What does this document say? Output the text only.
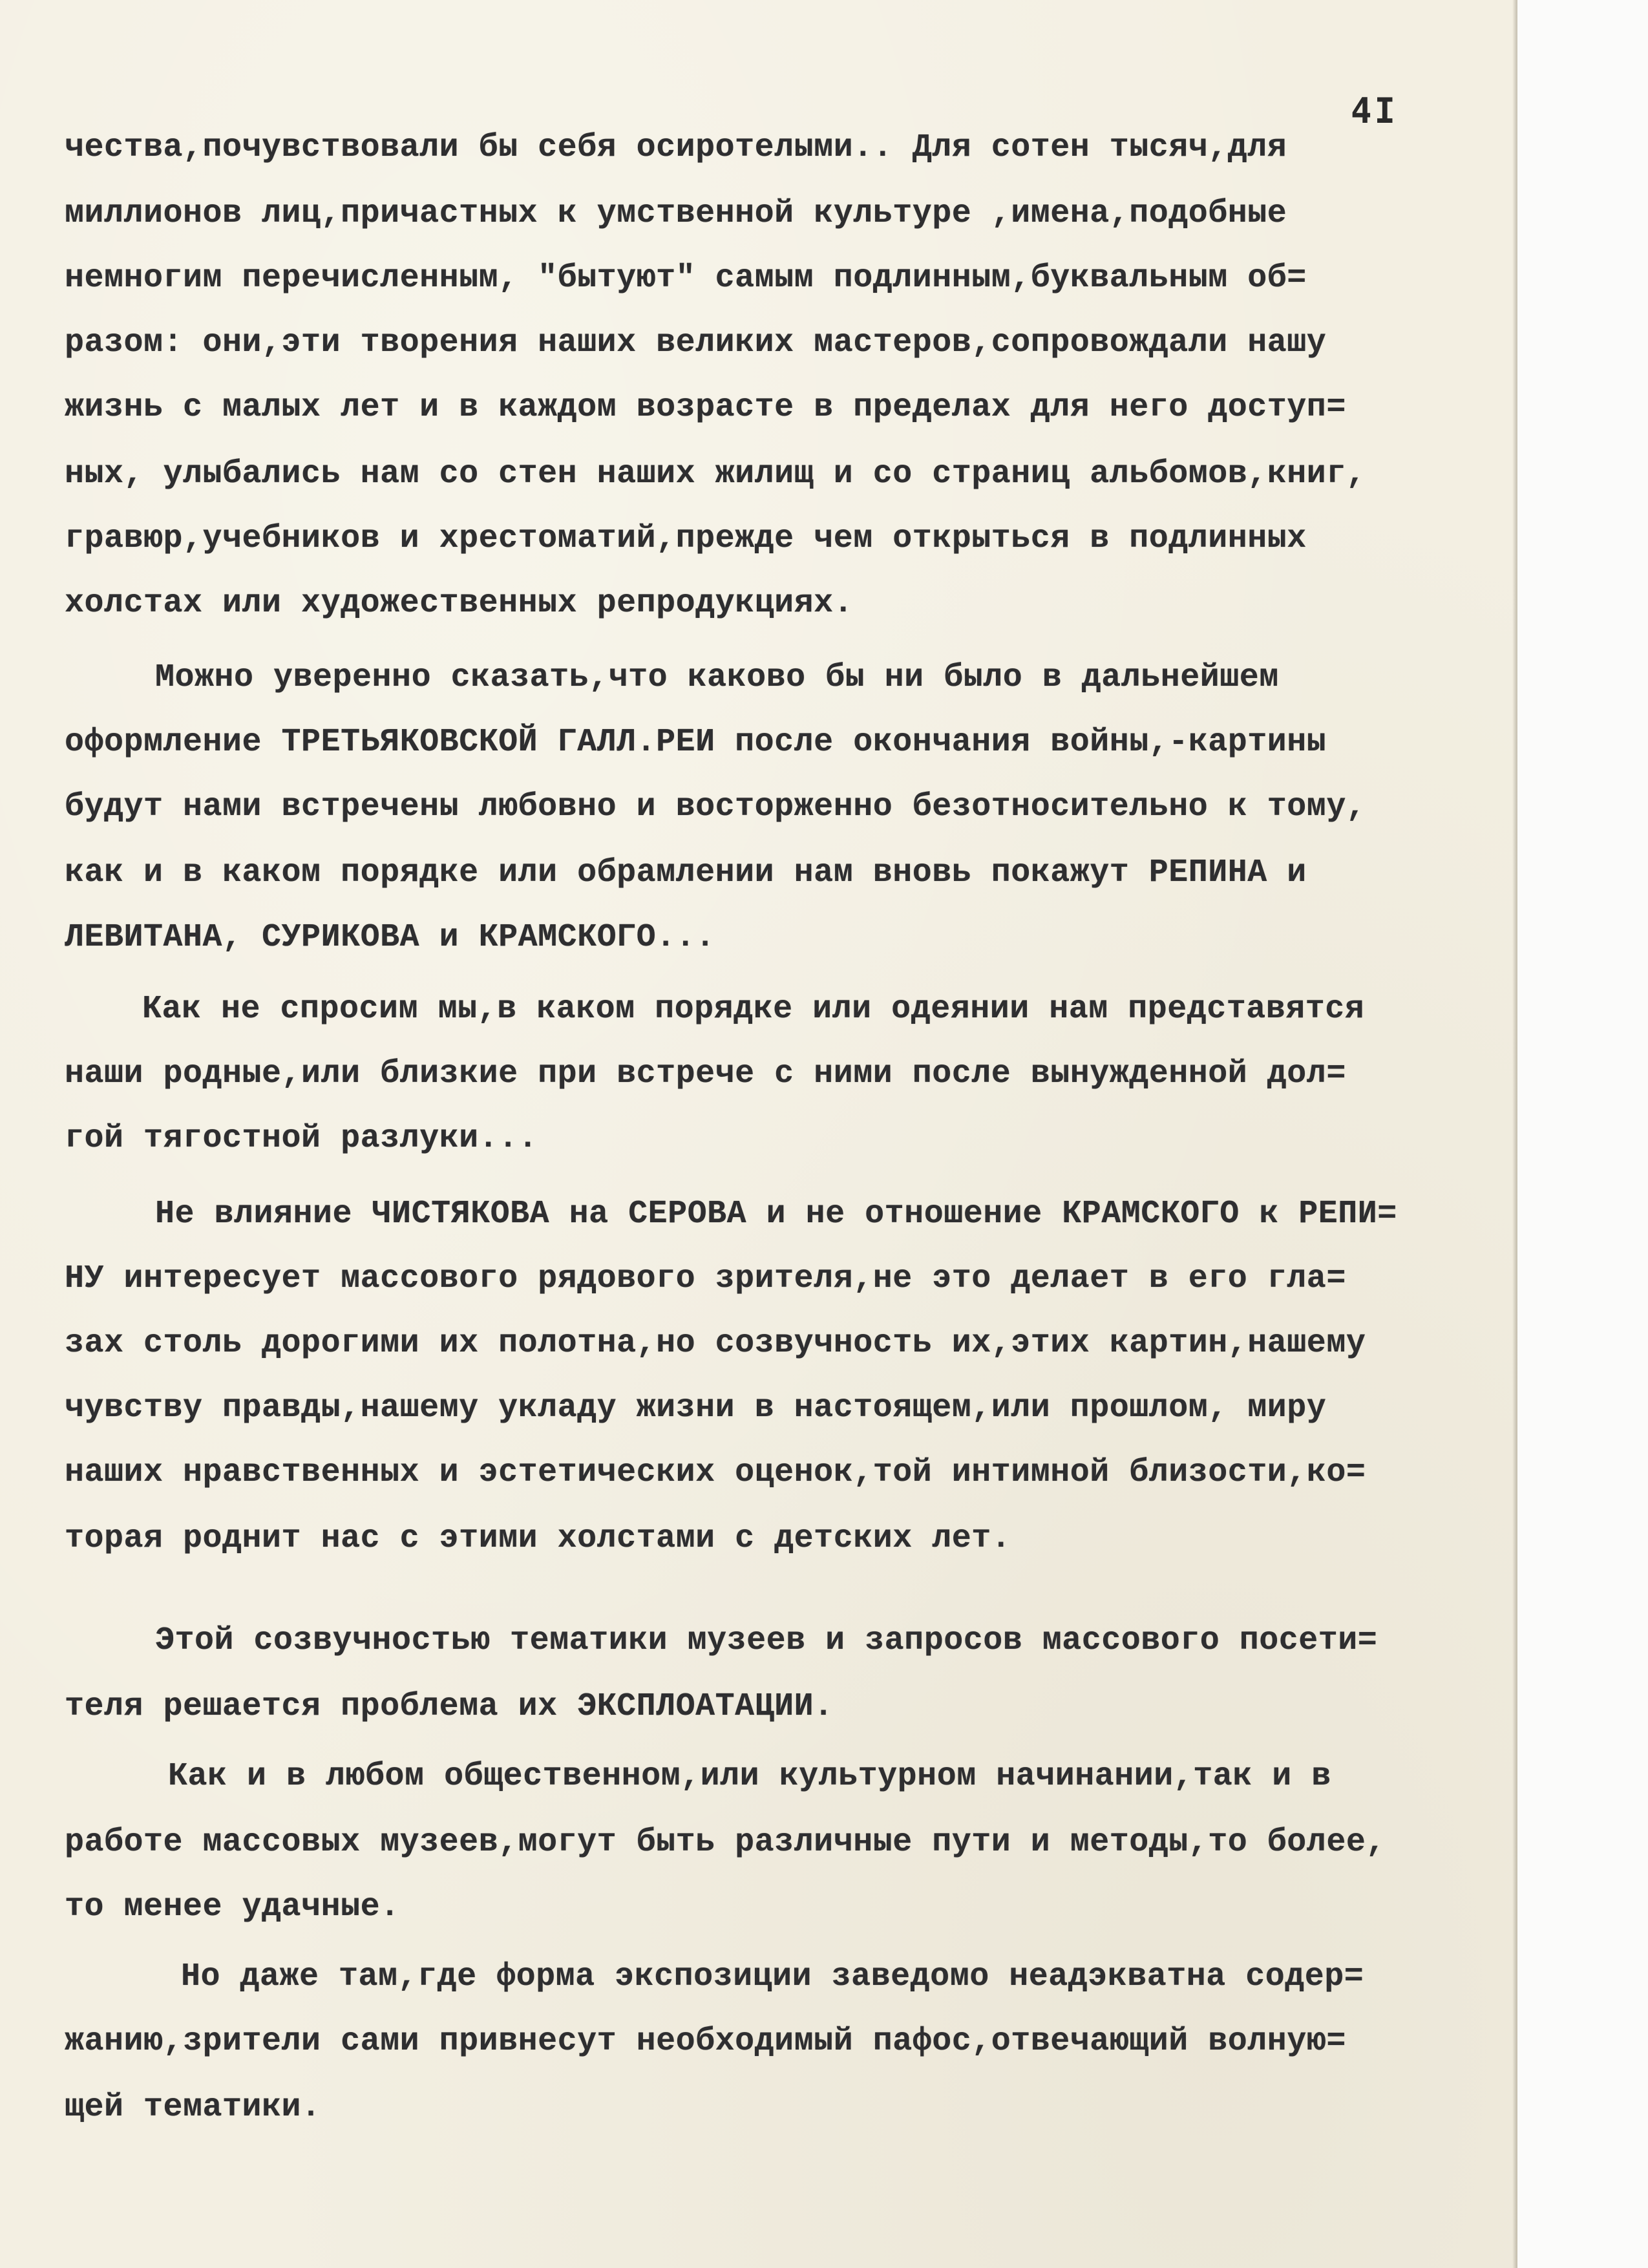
4I
чества,почувствовали бы себя осиротелыми.. Для сотен тысяч,для
миллионов лиц,причастных к умственной культуре ,имена,подобные
немногим перечисленным, "бытуют" самым подлинным,буквальным об=
разом: они,эти творения наших великих мастеров,сопровождали нашу
жизнь с малых лет и в каждом возрасте в пределах для него доступ=
ных, улыбались нам со стен наших жилищ и со страниц альбомов,книг,
гравюр,учебников и хрестоматий,прежде чем открыться в подлинных
холстах или художественных репродукциях.
Можно уверенно сказать,что каково бы ни было в дальнейшем
оформление ТРЕТЬЯКОВСКОЙ ГАЛЛ.РЕИ после окончания войны,-картины
будут нами встречены любовно и восторженно безотносительно к тому,
как и в каком порядке или обрамлении нам вновь покажут РЕПИНА и
ЛЕВИТАНА, СУРИКОВА и КРАМСКОГО...
Как не спросим мы,в каком порядке или одеянии нам представятся
наши родные,или близкие при встрече с ними после вынужденной дол=
гой тягостной разлуки...
Не влияние ЧИСТЯКОВА на СЕРОВА и не отношение КРАМСКОГО к РЕПИ=
НУ интересует массового рядового зрителя,не это делает в его гла=
зах столь дорогими их полотна,но созвучность их,этих картин,нашему
чувству правды,нашему укладу жизни в настоящем,или прошлом, миру
наших нравственных и эстетических оценок,той интимной близости,ко=
торая роднит нас с этими холстами с детских лет.
Этой созвучностью тематики музеев и запросов массового посети=
теля решается проблема их ЭКСПЛОАТАЦИИ.
Как и в любом общественном,или культурном начинании,так и в
работе массовых музеев,могут быть различные пути и методы,то более,
то менее удачные.
Но даже там,где форма экспозиции заведомо неадэкватна содер=
жанию,зрители сами привнесут необходимый пафос,отвечающий волную=
щей тематики.
